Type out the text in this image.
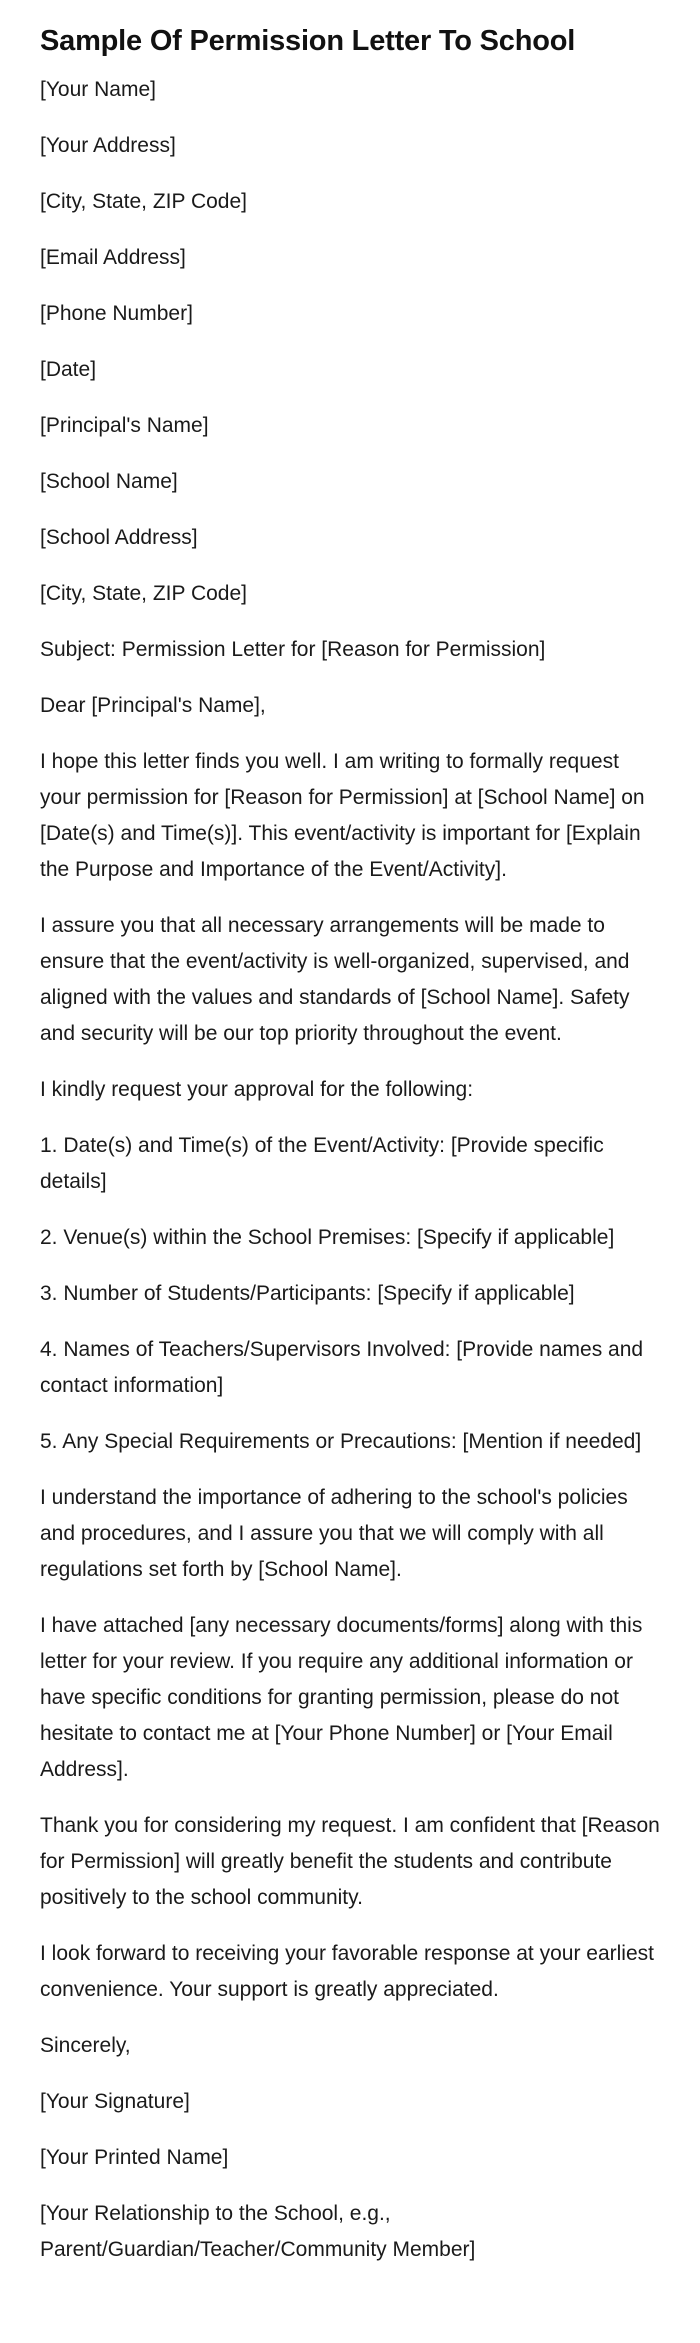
Sample Of Permission Letter To School

[Your Name]

[Your Address]

[City, State, ZIP Code]

[Email Address]

[Phone Number]

[Date]

[Principal's Name]

[School Name]

[School Address]

[City, State, ZIP Code]

Subject: Permission Letter for [Reason for Permission]

Dear [Principal's Name],

I hope this letter finds you well. I am writing to formally request your permission for [Reason for Permission] at [School Name] on [Date(s) and Time(s)]. This event/activity is important for [Explain the Purpose and Importance of the Event/Activity].

I assure you that all necessary arrangements will be made to ensure that the event/activity is well-organized, supervised, and aligned with the values and standards of [School Name]. Safety and security will be our top priority throughout the event.

I kindly request your approval for the following:

1. Date(s) and Time(s) of the Event/Activity: [Provide specific details]

2. Venue(s) within the School Premises: [Specify if applicable]

3. Number of Students/Participants: [Specify if applicable]

4. Names of Teachers/Supervisors Involved: [Provide names and contact information]

5. Any Special Requirements or Precautions: [Mention if needed]

I understand the importance of adhering to the school's policies and procedures, and I assure you that we will comply with all regulations set forth by [School Name].

I have attached [any necessary documents/forms] along with this letter for your review. If you require any additional information or have specific conditions for granting permission, please do not hesitate to contact me at [Your Phone Number] or [Your Email Address].

Thank you for considering my request. I am confident that [Reason for Permission] will greatly benefit the students and contribute positively to the school community.

I look forward to receiving your favorable response at your earliest convenience. Your support is greatly appreciated.

Sincerely,

[Your Signature]

[Your Printed Name]

[Your Relationship to the School, e.g., Parent/Guardian/Teacher/Community Member]
